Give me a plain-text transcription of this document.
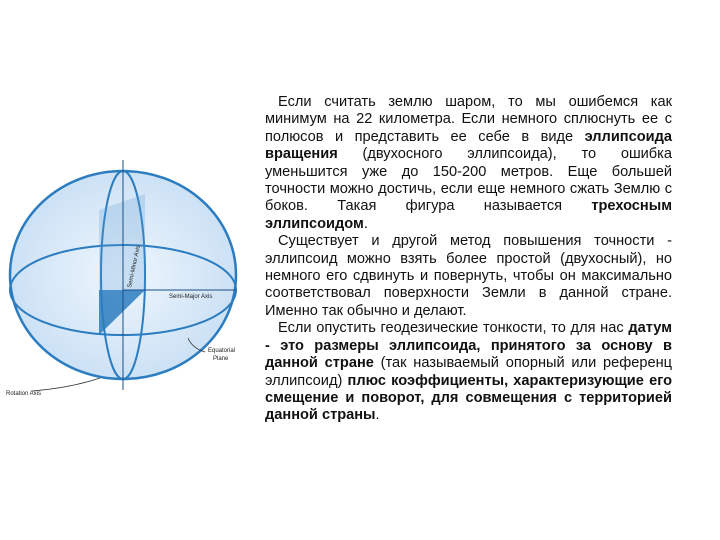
Semi-Minor Axis
Semi-Major Axis
Equatorial
Plane
Rotation Axis

Если считать землю шаром, то мы ошибемся как минимум на 22 километра. Если немного сплюснуть ее с полюсов и представить ее себе в виде эллипсоида вращения (двухосного эллипсоида), то ошибка уменьшится уже до 150-200 метров. Еще большей точности можно достичь, если еще немного сжать Землю с боков. Такая фигура называется трехосным эллипсоидом.

Существует и другой метод повышения точности - эллипсоид можно взять более простой (двухосный), но немного его сдвинуть и повернуть, чтобы он максимально соответствовал поверхности Земли в данной стране. Именно так обычно и делают.

Если опустить геодезические тонкости, то для нас датум - это размеры эллипсоида, принятого за основу в данной стране (так называемый опорный или референц эллипсоид) плюс коэффициенты, характеризующие его смещение и поворот, для совмещения с территорией данной страны.
